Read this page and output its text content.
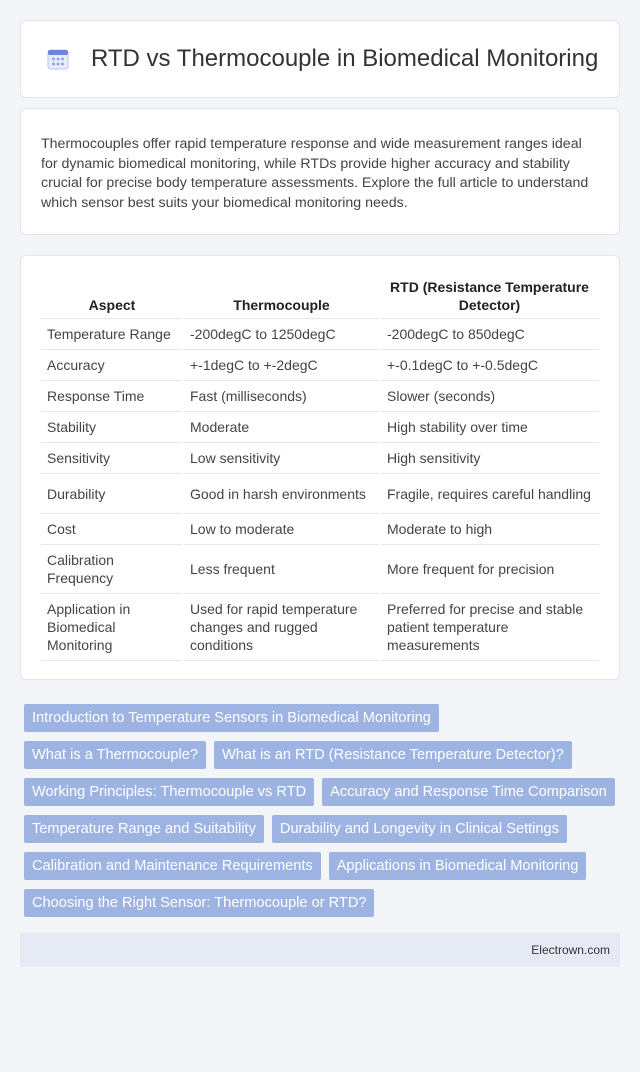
RTD vs Thermocouple in Biomedical Monitoring

Thermocouples offer rapid temperature response and wide measurement ranges ideal for dynamic biomedical monitoring, while RTDs provide higher accuracy and stability crucial for precise body temperature assessments. Explore the full article to understand which sensor best suits your biomedical monitoring needs.

Aspect	Thermocouple	RTD (Resistance Temperature Detector)
Temperature Range	-200degC to 1250degC	-200degC to 850degC
Accuracy	+-1degC to +-2degC	+-0.1degC to +-0.5degC
Response Time	Fast (milliseconds)	Slower (seconds)
Stability	Moderate	High stability over time
Sensitivity	Low sensitivity	High sensitivity
Durability	Good in harsh environments	Fragile, requires careful handling
Cost	Low to moderate	Moderate to high
Calibration Frequency	Less frequent	More frequent for precision
Application in Biomedical Monitoring	Used for rapid temperature changes and rugged conditions	Preferred for precise and stable patient temperature measurements
Introduction to Temperature Sensors in Biomedical Monitoring
What is a Thermocouple?	What is an RTD (Resistance Temperature Detector)?
Working Principles: Thermocouple vs RTD	Accuracy and Response Time Comparison
Temperature Range and Suitability	Durability and Longevity in Clinical Settings
Calibration and Maintenance Requirements	Applications in Biomedical Monitoring
Choosing the Right Sensor: Thermocouple or RTD?
Electrown.com
